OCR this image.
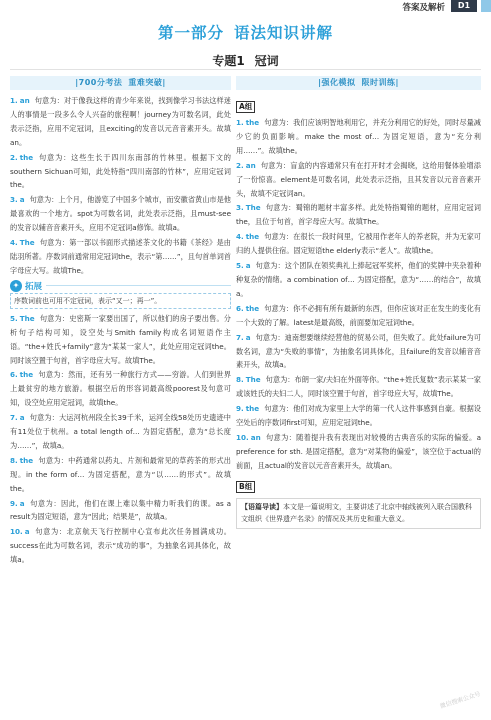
答案及解析	D1
第一部分 语法知识讲解
专题1 冠词
|700分考法 重难突破|
1. an 句意为：对于像我这样的青少年来说，找到像学习书法这样迷人的事情是一段多么令人兴奋的旅程啊！journey为可数名词，此处表示泛指，应用不定冠词，且exciting的发音以元音音素开头。故填an。
2. the 句意为：这些生长于四川东南部的竹林里。根据下文的southern Sichuan可知，此处特指“四川南部的竹林”，应用定冠词the。
3. a 句意为：上个月，他游览了中国多个城市，而安徽省黄山市是他最喜欢的一个地方。spot为可数名词，此处表示泛指，且must-see的发音以辅音音素开头，应用不定冠词a修饰。故填a。
4. The 句意为：第一部以书面形式描述茶文化的书籍《茶经》是由陆羽所著。序数词前通常用定冠词the，表示“第……”，且句首单词首字母应大写。故填The。
✦ 拓展
序数词前也可用不定冠词，表示“又一；再一”。
5. The 句意为：史密斯一家要出国了，所以他们的房子要出售。分析句子结构可知，设空处与Smith family构成名词短语作主语。“the+姓氏+family”意为“某某一家人”，此处应用定冠词the。同时该空置于句首，首字母应大写。故填The。
6. the 句意为：然而，还有另一种旅行方式——穷游。人们到世界上最贫穷的地方旅游。根据空后的形容词最高级poorest及句意可知，设空处应用定冠词，故填the。
7. a 句意为：大运河杭州段全长39千米，运河全线58处历史遗迹中有11处位于杭州。a total length of… 为固定搭配，意为“总长度为……”，故填a。
8. the 句意为：中药通常以药丸、片剂和最常见的草药茶的形式出现。in the form of… 为固定搭配，意为“以……的形式”。故填the。
9. a 句意为：因此，他们在课上难以集中精力听我们的课。as a result为固定短语，意为“因此；结果是”，故填a。
10. a 句意为：北京航天飞行控制中心宣布此次任务圆满成功。success在此为可数名词，表示“成功的事”，为抽象名词具体化，故填a。
|强化模拟 限时训练|
A组
1. the 句意为：我们应该明智地利用它，并充分利用它的好处，同时尽量减少它的负面影响。make the most of… 为固定短语，意为“充分利用……”。故填the。
2. an 句意为：盲盒的内容通常只有在打开时才会揭晓，这给用餐体验增添了一份惊喜。element是可数名词，此处表示泛指，且其发音以元音音素开头，故填不定冠词an。
3. The 句意为：蜀锦的题材丰富多样。此处特指蜀锦的题材，应用定冠词the，且位于句首，首字母应大写。故填The。
4. the 句意为：在很长一段时间里，它被用作老年人的养老院，并为无家可归的人提供住宿。固定短语the elderly表示“老人”。故填the。
5. a 句意为：这个团队在领奖典礼上捧起冠军奖杯，他们的奖牌中夹杂着种种复杂的情绪。a combination of… 为固定搭配，意为“……的结合”，故填a。
6. the 句意为：你不必拥有所有最新的东西，但你应该对正在发生的变化有一个大致的了解。latest是最高级，前面要加定冠词the。
7. a 句意为：迪南想要继续经营他的贸易公司，但失败了。此处failure为可数名词，意为“失败的事情”，为抽象名词具体化，且failure的发音以辅音音素开头，故填a。
8. The 句意为：布朗一家/夫妇在外面等你。“the+姓氏复数”表示某某一家或该姓氏的夫妇二人，同时该空置于句首，首字母应大写，故填The。
9. the 句意为：他们对成为家里上大学的第一代人这件事感到自豪。根据设空处后的序数词first可知，应用定冠词the。
10. an 句意为：随着提升我有表现出对较慢的古典音乐的实际的偏爱。a preference for sth. 是固定搭配，意为“对某物的偏爱”，该空位于actual的前面，且actual的发音以元音音素开头，故填an。
B组
【语篇导读】本文是一篇说明文，主要讲述了北京中轴线被列入联合国教科文组织《世界遗产名录》的情况及其历史和重大意义。
微信搜索公众号
